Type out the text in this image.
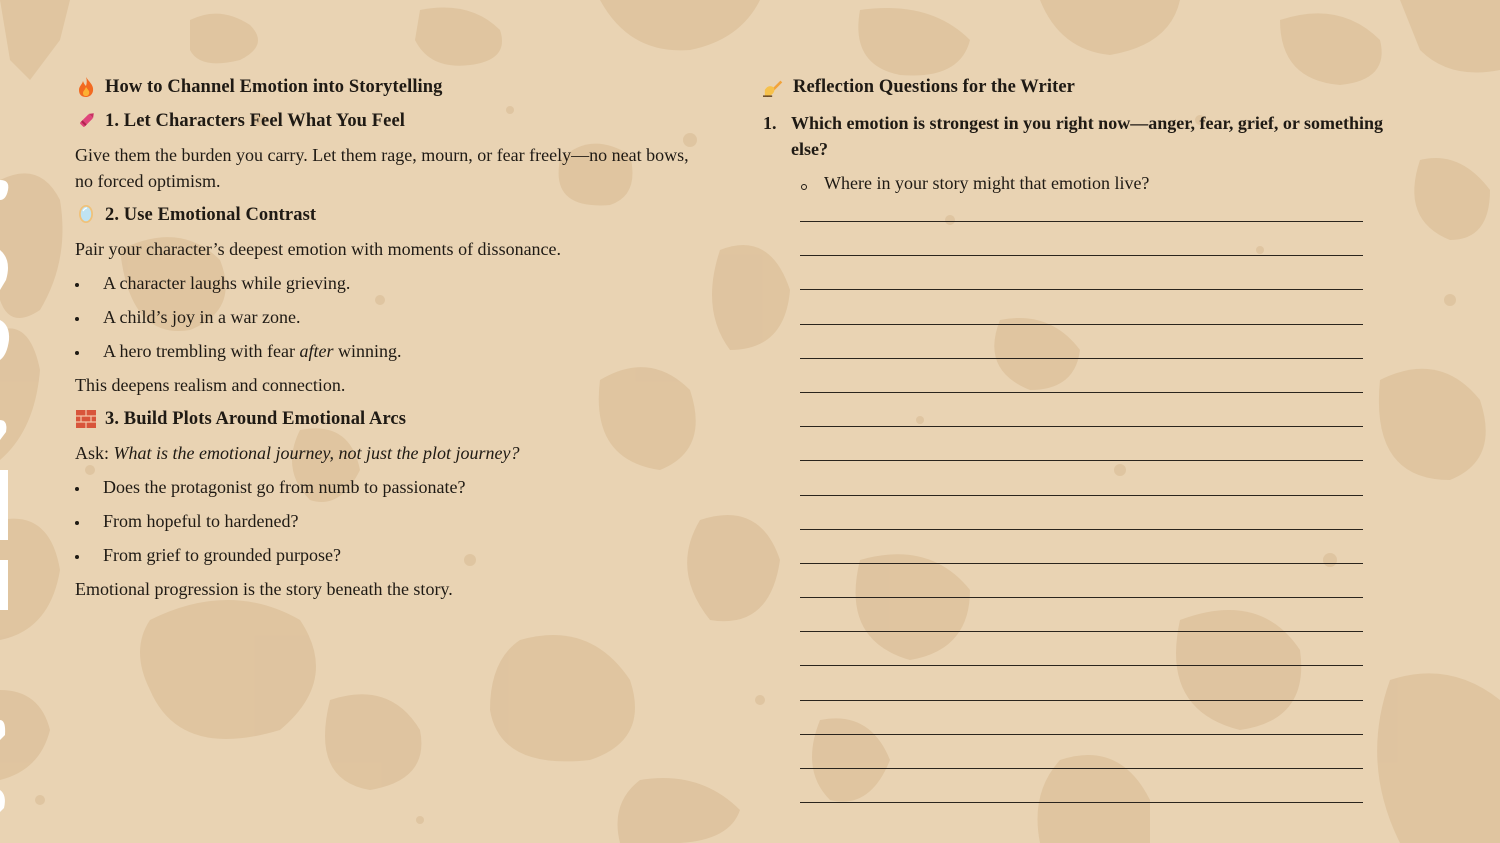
How to Channel Emotion into Storytelling
1. Let Characters Feel What You Feel
Give them the burden you carry. Let them rage, mourn, or fear freely—no neat bows, no forced optimism.
2. Use Emotional Contrast
Pair your character’s deepest emotion with moments of dissonance.
A character laughs while grieving.
A child’s joy in a war zone.
A hero trembling with fear after winning.
This deepens realism and connection.
3. Build Plots Around Emotional Arcs
Ask: What is the emotional journey, not just the plot journey?
Does the protagonist go from numb to passionate?
From hopeful to hardened?
From grief to grounded purpose?
Emotional progression is the story beneath the story.
Reflection Questions for the Writer
1. Which emotion is strongest in you right now—anger, fear, grief, or something else?
Where in your story might that emotion live?
